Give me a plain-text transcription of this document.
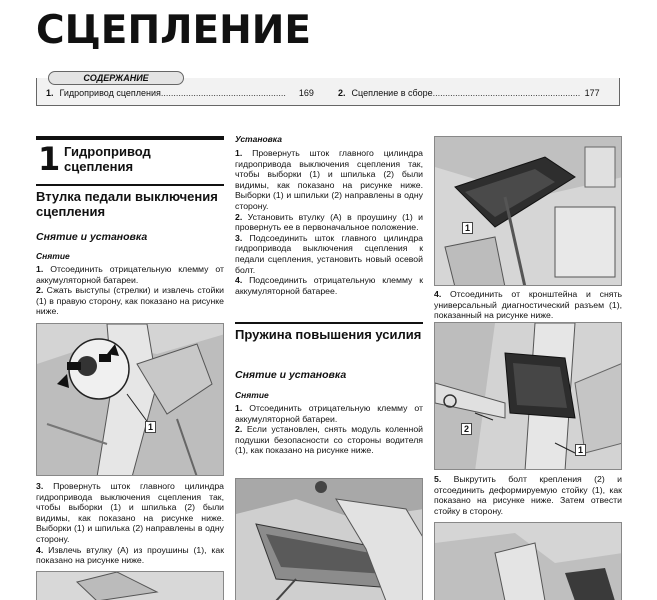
СЦЕПЛЕНИЕ
СОДЕРЖАНИЕ
1. Гидропривод сцепления.................................................. 169	2. Сцепление в сборе........................................................... 177
1 Гидропривод сцепления
Втулка педали выключения сцепления
Снятие и установка
Снятие

1. Отсоединить отрицательную клемму от аккумуляторной батареи.

2. Сжать выступы (стрелки) и извлечь стойки (1) в правую сторону, как показано на рисунке ниже.

1

3. Провернуть шток главного цилиндра гидропривода выключения сцепления так, чтобы выборки (1) и шпилька (2) были видимы, как показано на рисунке ниже. Выборки (1) и шпилька (2) направлены в одну сторону.

4. Извлечь втулку (А) из проушины (1), как показано на рисунке ниже.

Установка

1. Провернуть шток главного цилиндра гидропривода выключения сцепления так, чтобы выборки (1) и шпилька (2) были видимы, как показано на рисунке ниже. Выборки (1) и шпильки (2) направлены в одну сторону.

2. Установить втулку (А) в проушину (1) и провернуть ее в первоначальное положение.

3. Подсоединить шток главного цилиндра гидропривода выключения сцепления к педали сцепления, установить новый осевой болт.

4. Подсоединить отрицательную клемму к аккумуляторной батарее.

Пружина повышения усилия
Снятие и установка
Снятие

1. Отсоединить отрицательную клемму от аккумуляторной батареи.

2. Если установлен, снять модуль коленной подушки безопасности со стороны водителя (1), как показано на рисунке ниже.

1

4. Отсоединить от кронштейна и снять универсальный диагностический разъем (1), показанный на рисунке ниже.

2
1

5. Выкрутить болт крепления (2) и отсоединить деформируемую стойку (1), как показано на рисунке ниже. Затем отвести стойку в сторону.
